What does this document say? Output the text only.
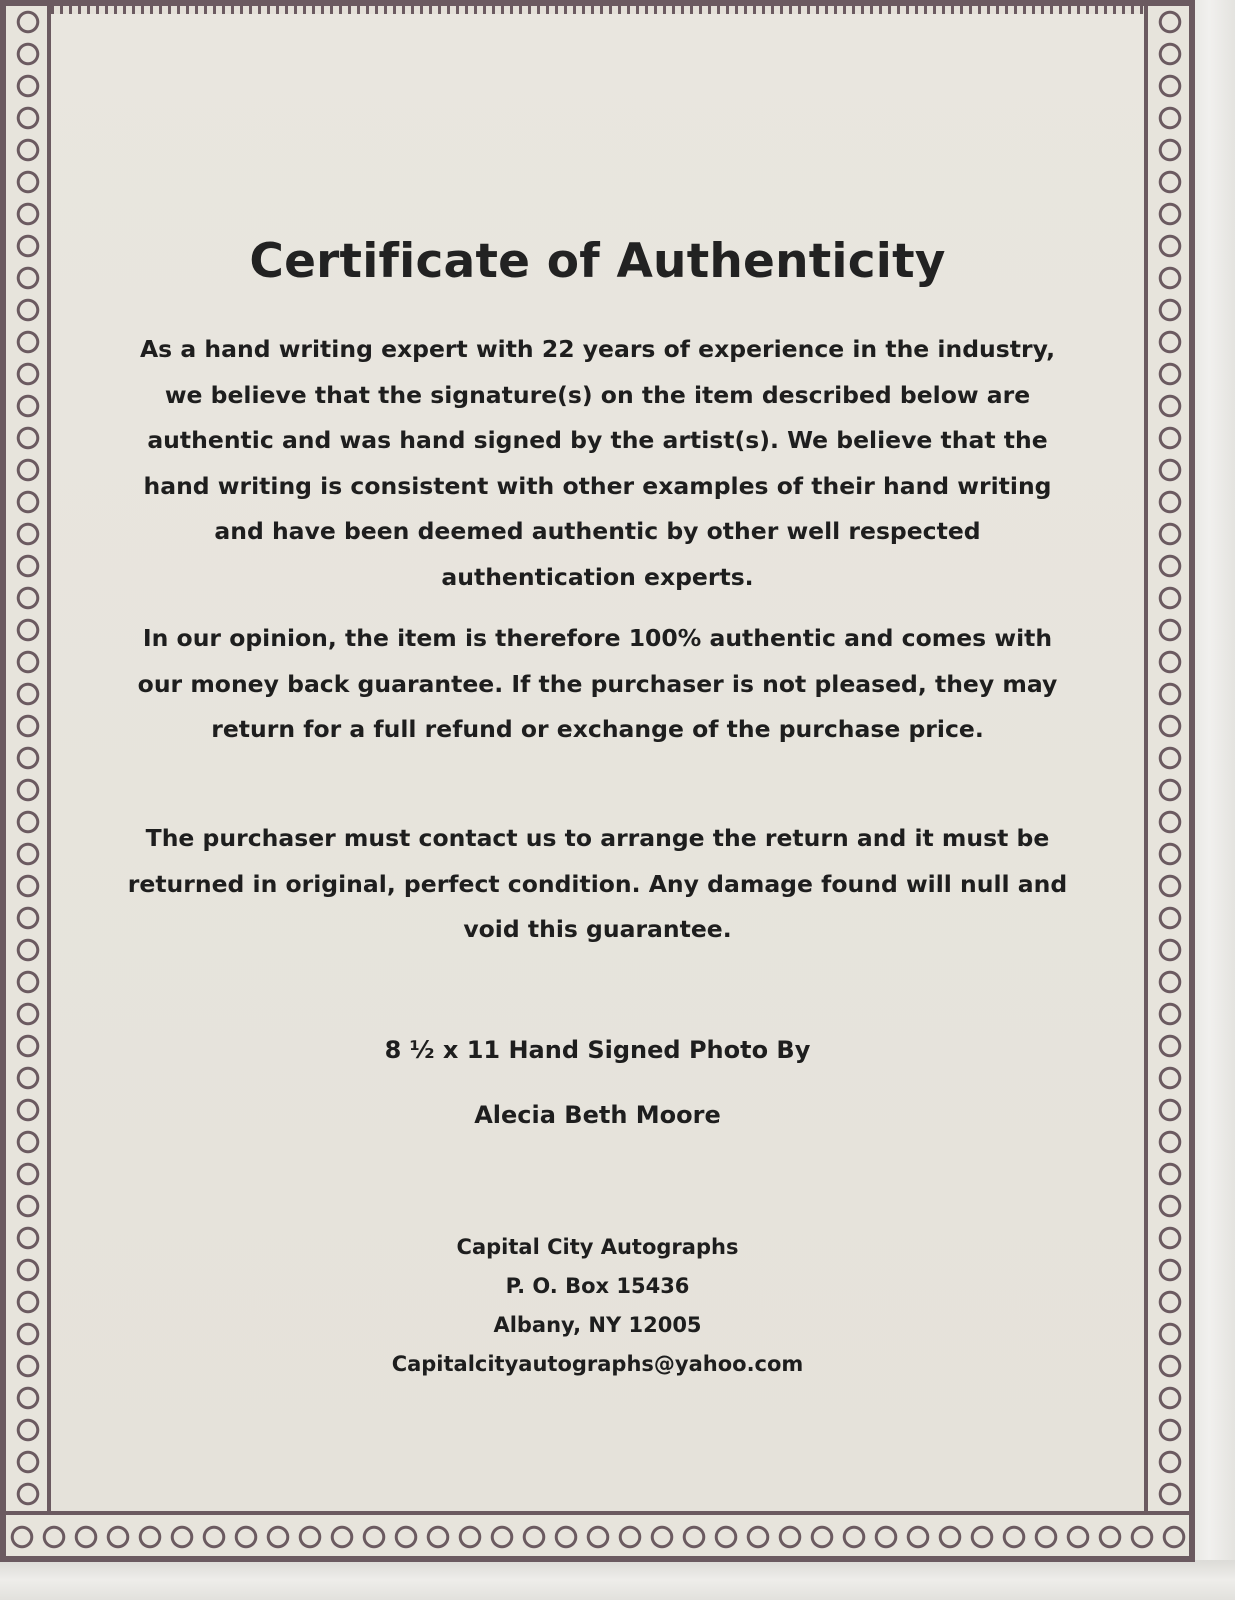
Certificate of Authenticity
As a hand writing expert with 22 years of experience in the industry, we believe that the signature(s) on the item described below are authentic and was hand signed by the artist(s). We believe that the hand writing is consistent with other examples of their hand writing and have been deemed authentic by other well respected authentication experts.
In our opinion, the item is therefore 100% authentic and comes with our money back guarantee. If the purchaser is not pleased, they may return for a full refund or exchange of the purchase price.
The purchaser must contact us to arrange the return and it must be returned in original, perfect condition. Any damage found will null and void this guarantee.
8 ½ x 11 Hand Signed Photo By
Alecia Beth Moore
Capital City Autographs
P. O. Box 15436
Albany, NY 12005
Capitalcityautographs@yahoo.com
